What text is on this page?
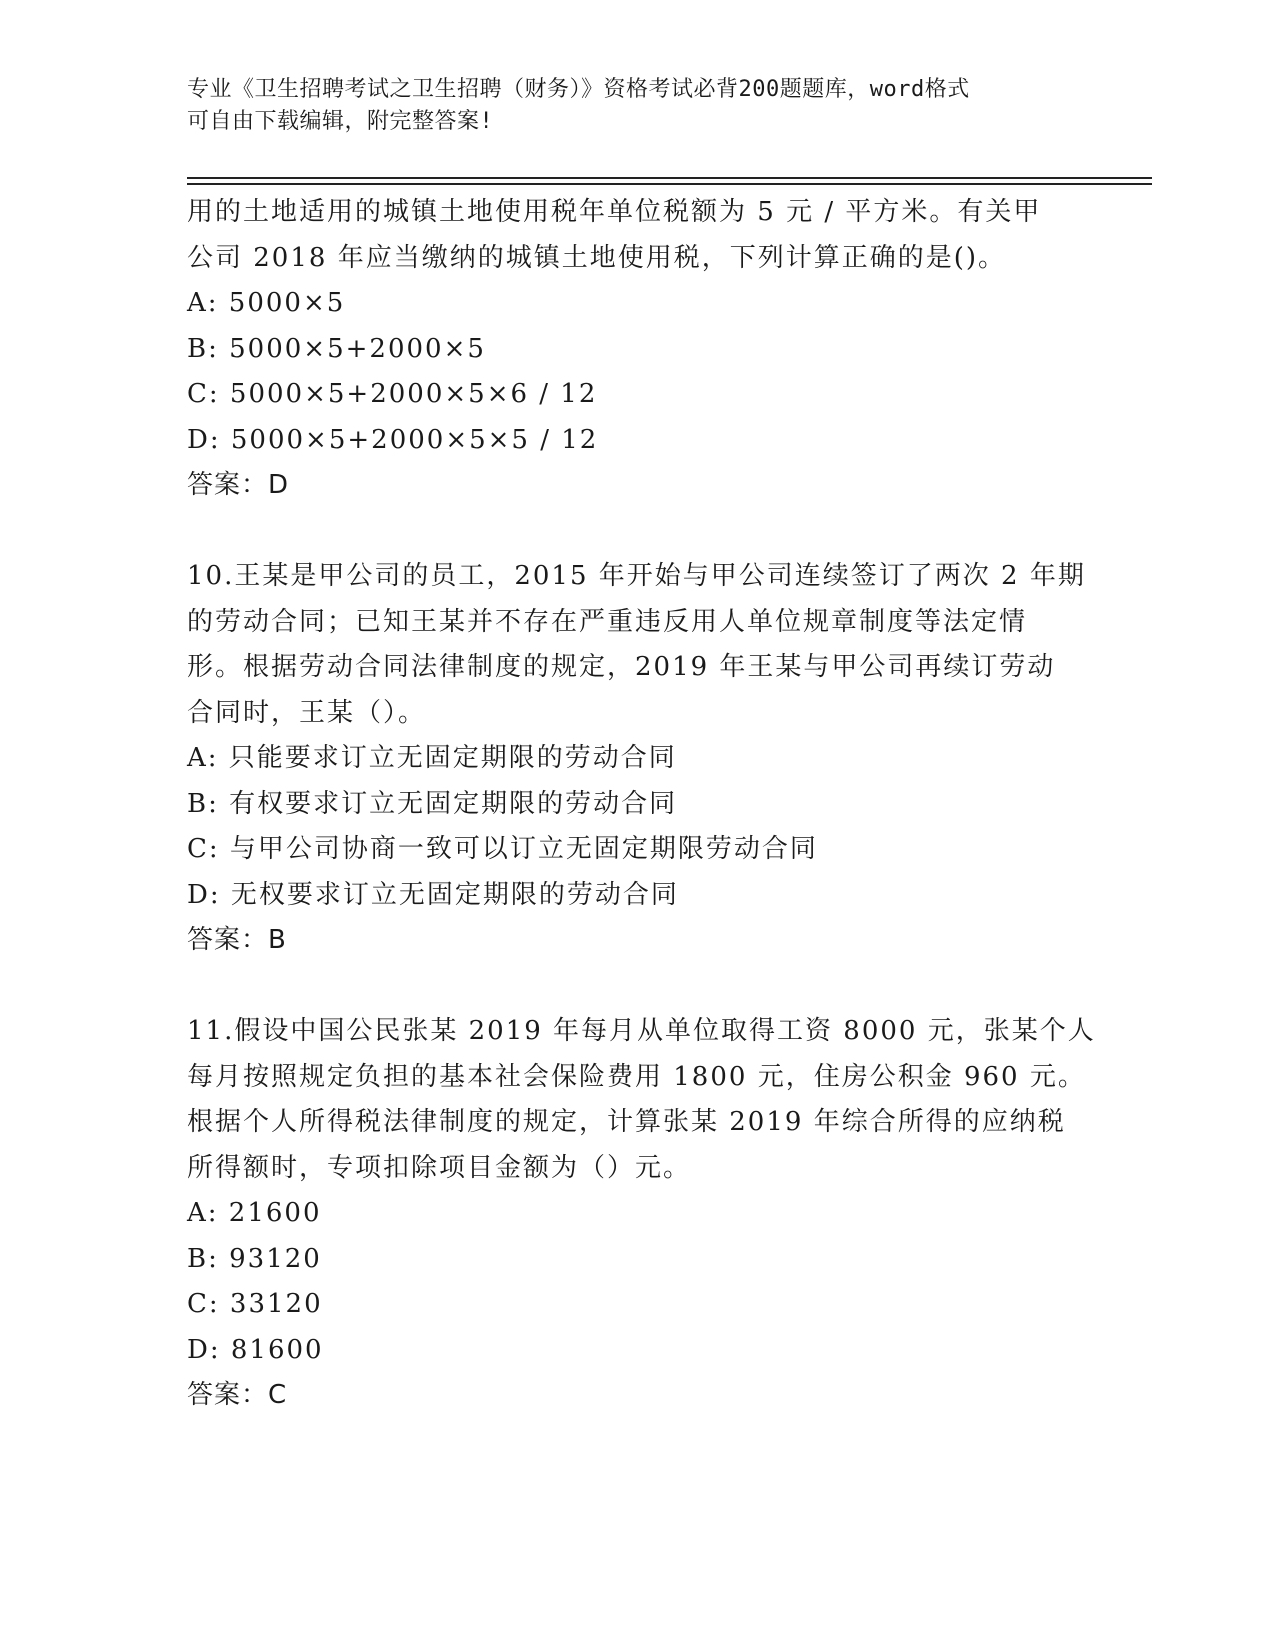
专业《卫生招聘考试之卫生招聘（财务）》资格考试必背200题题库，word格式
可自由下载编辑，附完整答案!
用的土地适用的城镇土地使用税年单位税额为 5 元 / 平方米。有关甲
公司 2018 年应当缴纳的城镇土地使用税，下列计算正确的是()。
A: 5000×5
B: 5000×5+2000×5
C: 5000×5+2000×5×6 / 12
D: 5000×5+2000×5×5 / 12
答案：D
10.王某是甲公司的员工，2015 年开始与甲公司连续签订了两次 2 年期
的劳动合同；已知王某并不存在严重违反用人单位规章制度等法定情
形。根据劳动合同法律制度的规定，2019 年王某与甲公司再续订劳动
合同时，王某（）。
A: 只能要求订立无固定期限的劳动合同
B: 有权要求订立无固定期限的劳动合同
C: 与甲公司协商一致可以订立无固定期限劳动合同
D: 无权要求订立无固定期限的劳动合同
答案：B
11.假设中国公民张某 2019 年每月从单位取得工资 8000 元，张某个人
每月按照规定负担的基本社会保险费用 1800 元，住房公积金 960 元。
根据个人所得税法律制度的规定，计算张某 2019 年综合所得的应纳税
所得额时，专项扣除项目金额为（）元。
A: 21600
B: 93120
C: 33120
D: 81600
答案：C
